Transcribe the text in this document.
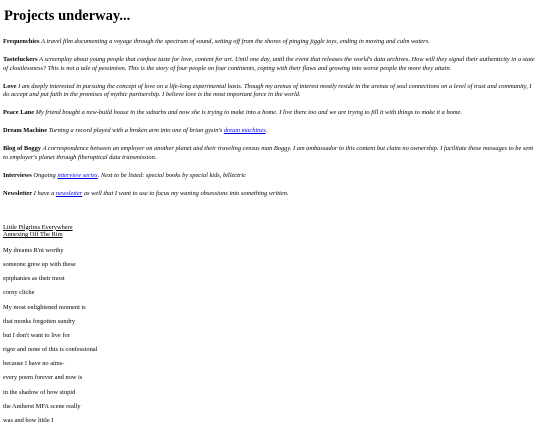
Projects underway...

Frequenchies A travel film documenting a voyage through the spectrum of sound, setting off from the shores of pinging jiggle toys, ending in moving and calm waters.

Tastefuckers A screenplay about young people that confuse taste for love, content for art. Until one day, until the event that releases the world's data archives. How will they signal their authenticity in a state of cloutlessness? This is not a tale of pessimism. This is the story of four people on four continents, coping with their flaws and growing into worse people the more they attain.

Love I am deeply interested in pursuing the concept of love on a life-long experimental basis. Though my arenas of interest mostly reside in the arenas of soul connections on a level of trust and community, I do accept and put faith in the promises of mythic partnership. I believe love is the most important force in the world.

Peace Lane My friend bought a new-build house in the suburbs and now she is trying to make into a home. I live there too and we are trying to fill it with things to make it a home.

Dream Machine Turning a record played with a broken arm into one of brian gysin's dream machines.

Blog of Boggy A correspondence between an employer on another planet and their traveling census man Boggy. I am ambassador to this content but claim no ownership. I facilitate these messages to be sent to employer's planet through fiberoptical data transmission.

Interviews Ongoing interview series. Next to be listed: special books by special kids, billectric

Newsletter I have a newsletter as well that I want to use to focus my waning obsessions into something written.

Little Pilgrims Everywhere
Annexing Off The Rim
My dreams R'nt worthy
someone grew up with these
epiphanies as their most
corny cliche
My most enlightened moment is
that monks forgotten sundry
but I don't want to live for
rigor and none of this is confessional
because I have no aims-
every poem forever and now is
in the shadow of how stupid
the Amherst MFA scene really
was and how little I
